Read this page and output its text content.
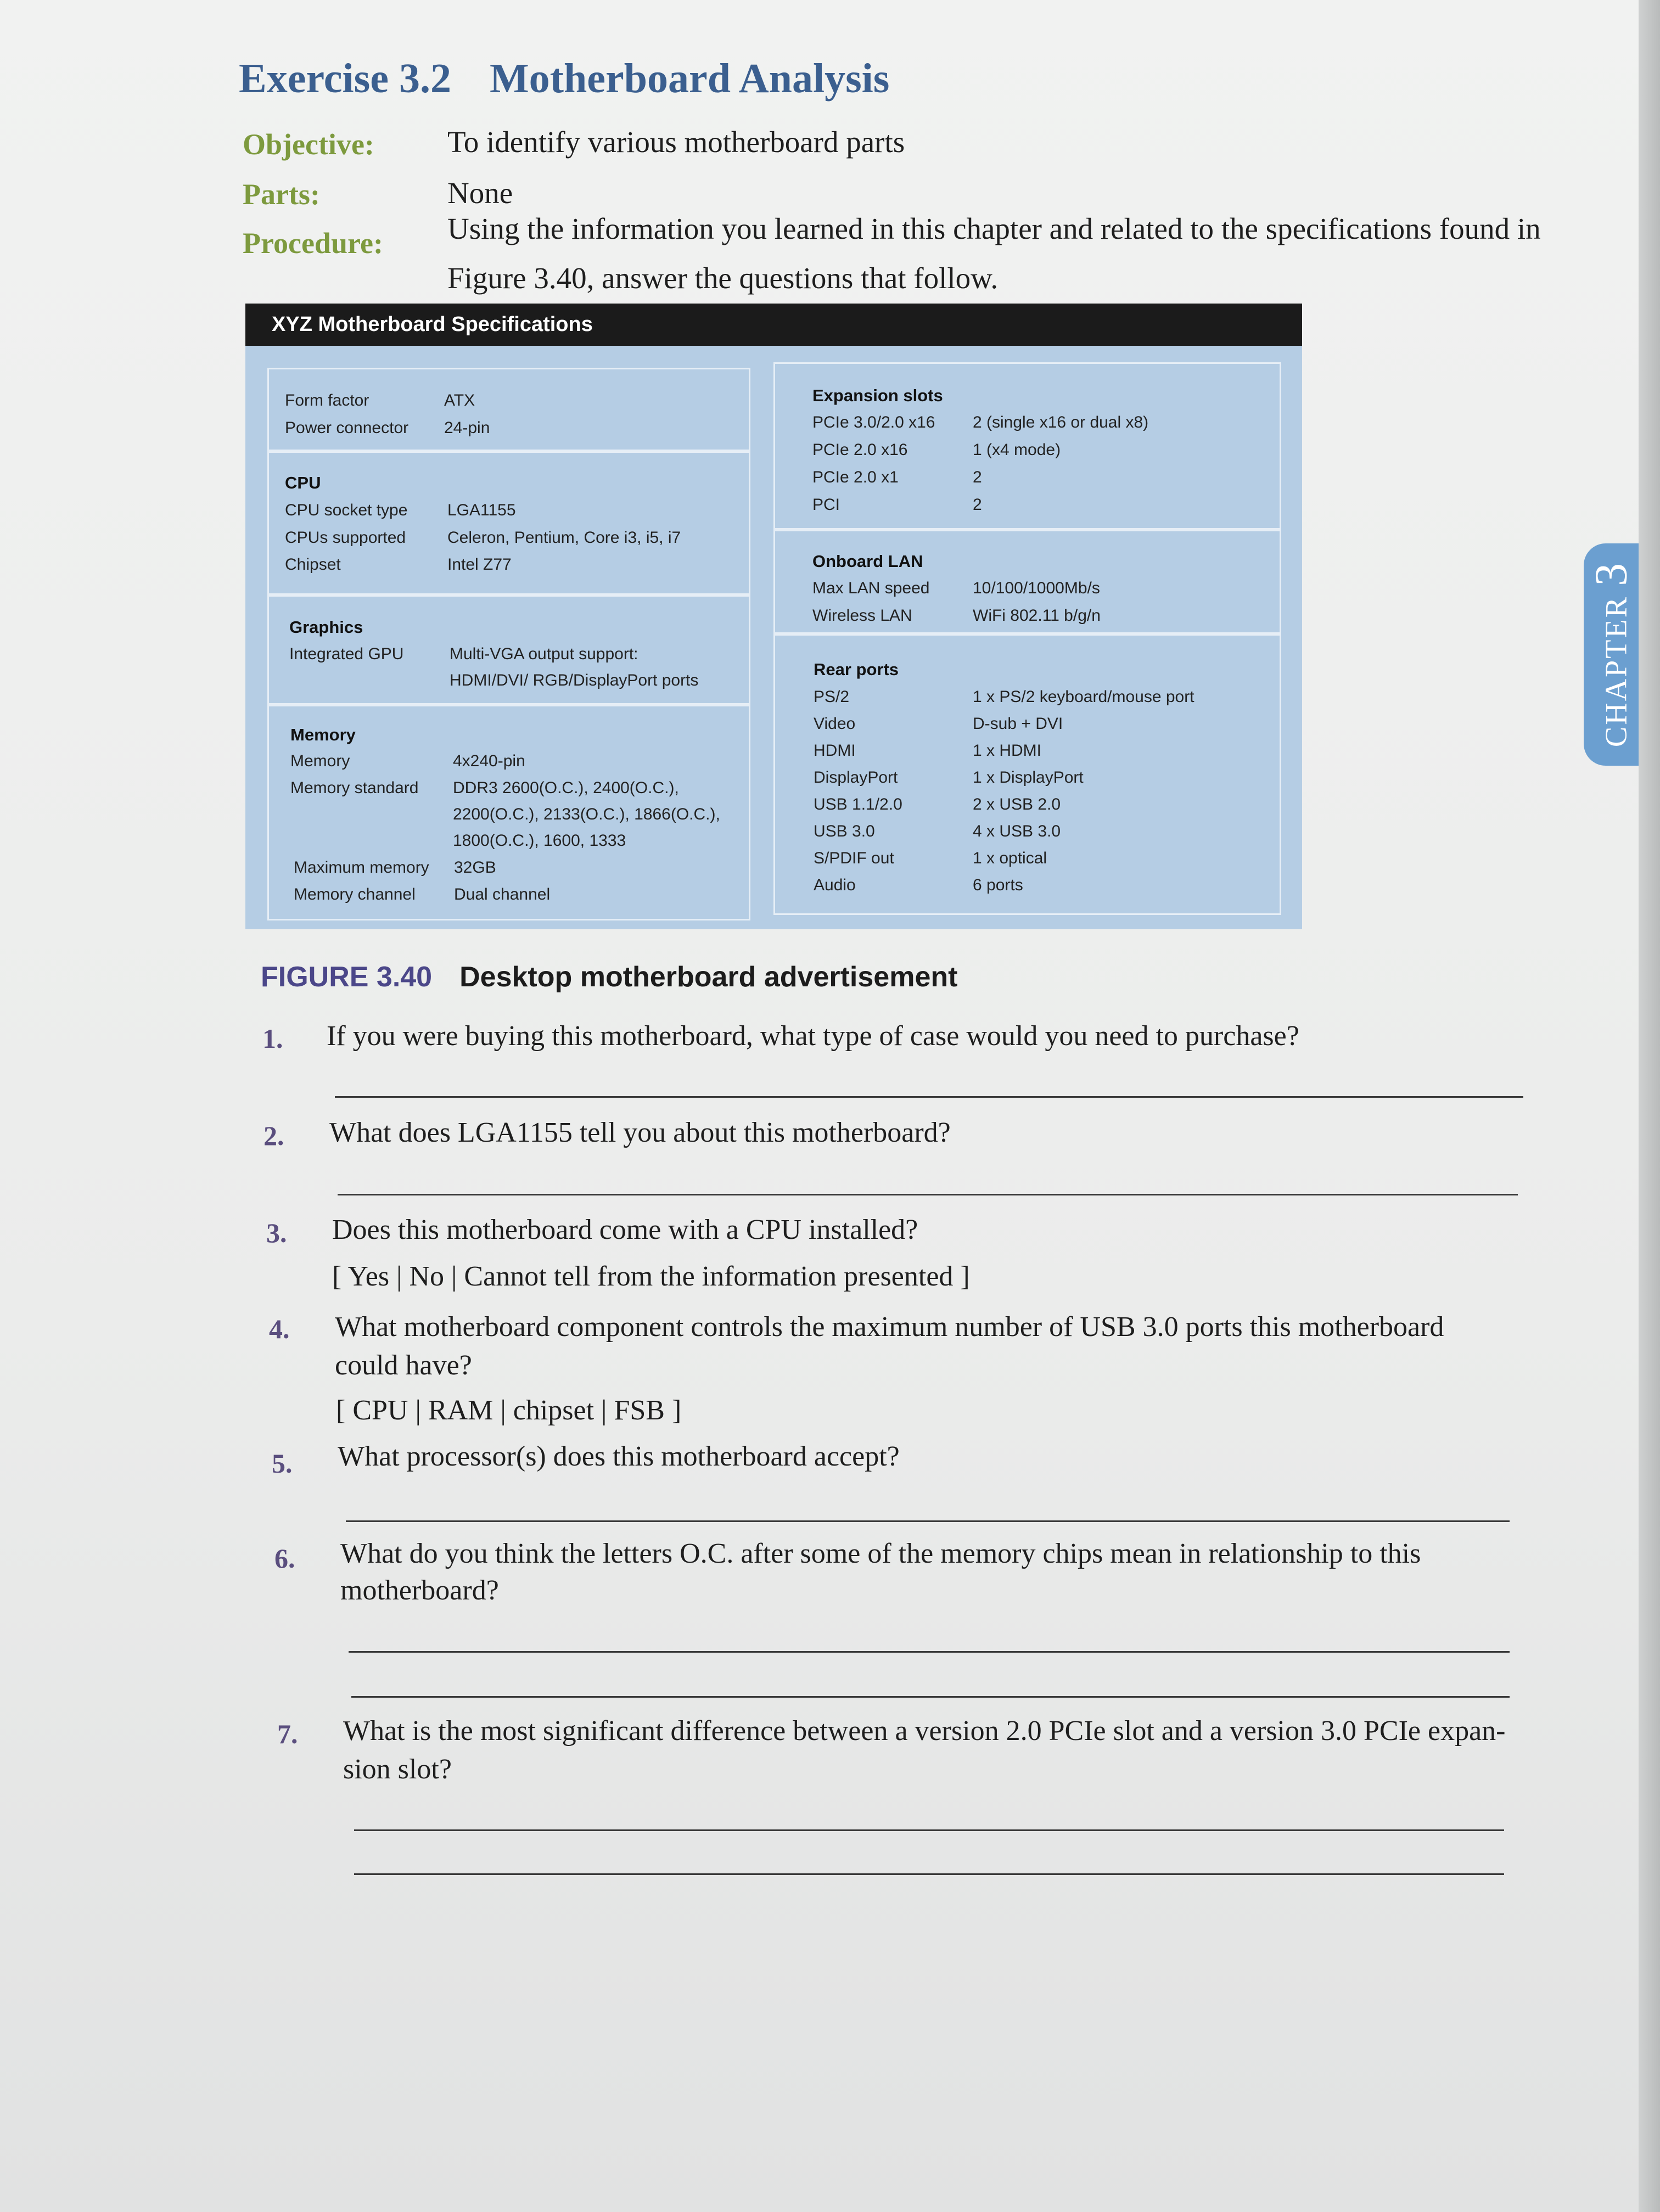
Exercise 3.2 Motherboard Analysis
Objective: To identify various motherboard parts
Parts:	None
Procedure: Using the information you learned in this chapter and related to the specifications found in Figure 3.40, answer the questions that follow.
XYZ Motherboard Specifications
Form factor	ATX
Power connector 24-pin
CPU
CPU socket type LGA1155
CPUs supported	Celeron, Pentium, Core i3, i5, i7
Chipset	Intel Z77
Graphics
Integrated GPU	Multi-VGA output support:
HDMI/DVI/ RGB/DisplayPort ports
Memory
Memory	4x240-pin
Memory standard DDR3 2600(O.C.), 2400(O.C.),
2200(O.C.), 2133(O.C.), 1866(O.C.),
1800(O.C.), 1600, 1333
Maximum memory 32GB
Memory channel Dual channel
Expansion slots
PCIe 3.0/2.0 x16 2 (single x16 or dual x8)
PCIe 2.0 x16	1 (x4 mode)
PCIe 2.0 x1	2
PCI	2
Onboard LAN
Max LAN speed	10/100/1000Mb/s
Wireless LAN	WiFi 802.11 b/g/n
Rear ports
PS/2	1 x PS/2 keyboard/mouse port
Video	D-sub + DVI
HDMI	1 x HDMI
DisplayPort	1 x DisplayPort
USB 1.1/2.0	2 x USB 2.0
USB 3.0	4 x USB 3.0
S/PDIF out	1 x optical
Audio	6 ports
FIGURE 3.40 Desktop motherboard advertisement
1. If you were buying this motherboard, what type of case would you need to purchase?
2. What does LGA1155 tell you about this motherboard?
3. Does this motherboard come with a CPU installed?
[ Yes | No | Cannot tell from the information presented ]
4. What motherboard component controls the maximum number of USB 3.0 ports this motherboard
could have?
[ CPU | RAM | chipset | FSB ]
5. What processor(s) does this motherboard accept?
6. What do you think the letters O.C. after some of the memory chips mean in relationship to this
motherboard?
7. What is the most significant difference between a version 2.0 PCIe slot and a version 3.0 PCIe expan-
sion slot?
CHAPTER 3
